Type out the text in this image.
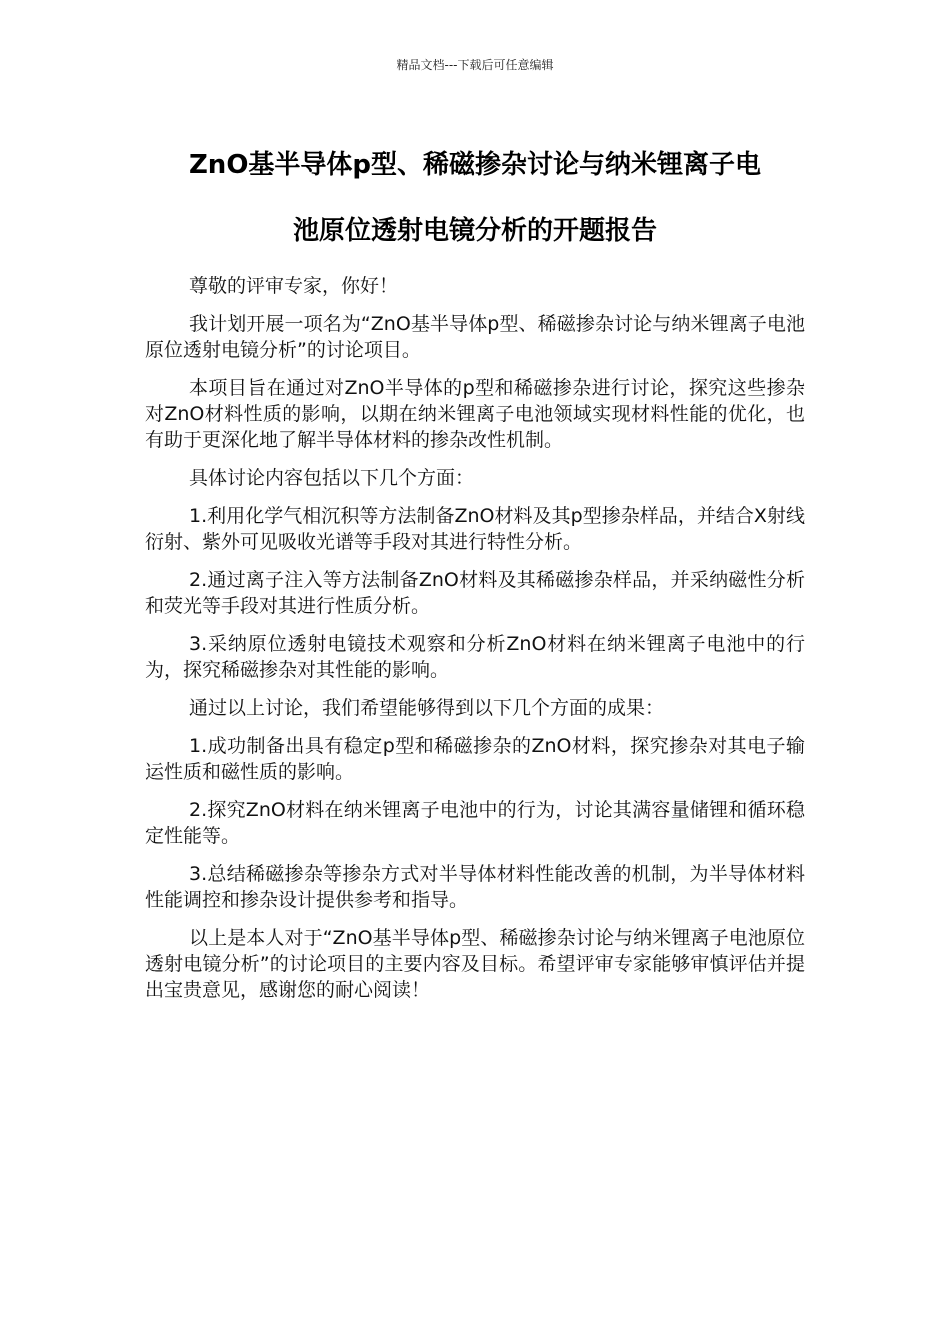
精品文档---下载后可任意编辑
ZnO基半导体p型、稀磁掺杂讨论与纳米锂离子电
池原位透射电镜分析的开题报告

尊敬的评审专家，你好！

我计划开展一项名为“ZnO基半导体p型、稀磁掺杂讨论与纳米锂离子电池原位透射电镜分析”的讨论项目。

本项目旨在通过对ZnO半导体的p型和稀磁掺杂进行讨论，探究这些掺杂对ZnO材料性质的影响，以期在纳米锂离子电池领域实现材料性能的优化，也有助于更深化地了解半导体材料的掺杂改性机制。

具体讨论内容包括以下几个方面：

1.利用化学气相沉积等方法制备ZnO材料及其p型掺杂样品，并结合X射线衍射、紫外可见吸收光谱等手段对其进行特性分析。

2.通过离子注入等方法制备ZnO材料及其稀磁掺杂样品，并采纳磁性分析和荧光等手段对其进行性质分析。

3.采纳原位透射电镜技术观察和分析ZnO材料在纳米锂离子电池中的行为，探究稀磁掺杂对其性能的影响。

通过以上讨论，我们希望能够得到以下几个方面的成果：

1.成功制备出具有稳定p型和稀磁掺杂的ZnO材料，探究掺杂对其电子输运性质和磁性质的影响。

2.探究ZnO材料在纳米锂离子电池中的行为，讨论其满容量储锂和循环稳定性能等。

3.总结稀磁掺杂等掺杂方式对半导体材料性能改善的机制，为半导体材料性能调控和掺杂设计提供参考和指导。

以上是本人对于“ZnO基半导体p型、稀磁掺杂讨论与纳米锂离子电池原位透射电镜分析”的讨论项目的主要内容及目标。希望评审专家能够审慎评估并提出宝贵意见，感谢您的耐心阅读！
